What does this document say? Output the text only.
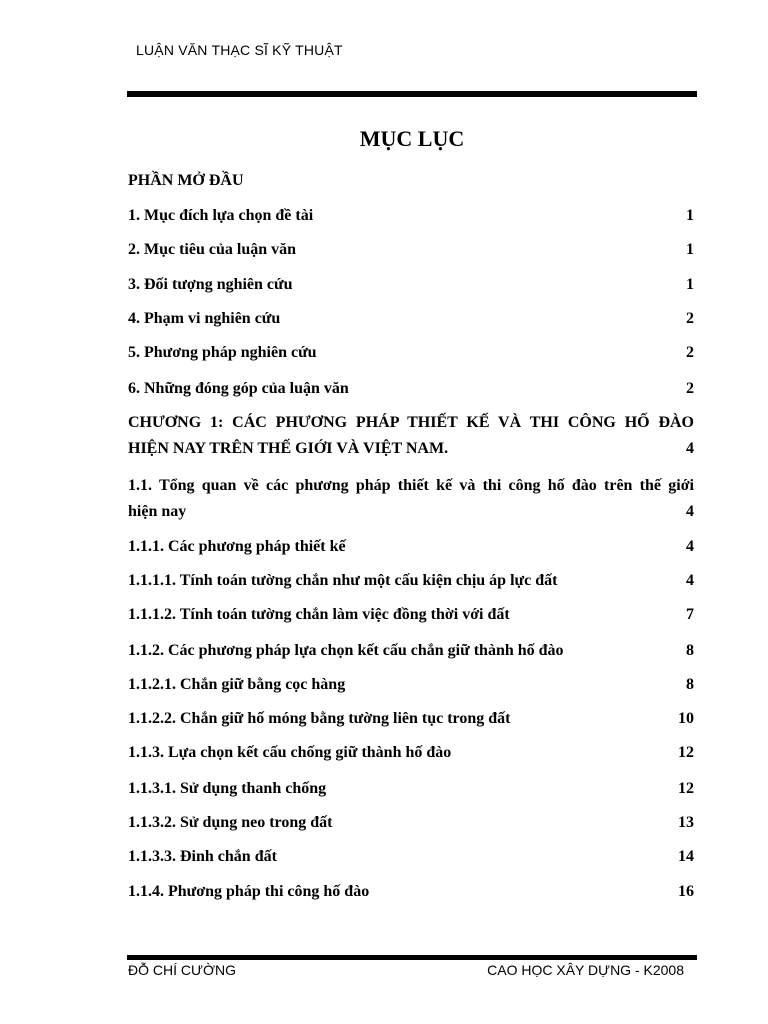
LUẬN VĂN THẠC SĨ KỸ THUẬT
MỤC LỤC
PHẦN MỞ ĐẦU
1. Mục đích lựa chọn đề tài	1
2. Mục tiêu của luận văn	1
3. Đối tượng nghiên cứu	1
4. Phạm vi nghiên cứu	2
5. Phương pháp nghiên cứu	2
6. Những đóng góp của luận văn	2
CHƯƠNG 1: CÁC PHƯƠNG PHÁP THIẾT KẾ VÀ THI CÔNG HỐ ĐÀO
HIỆN NAY TRÊN THẾ GIỚI VÀ VIỆT NAM.	4
1.1. Tổng quan về các phương pháp thiết kế và thi công hố đào trên thế giới
hiện nay	4
1.1.1. Các phương pháp thiết kế	4
1.1.1.1. Tính toán tường chắn như một cấu kiện chịu áp lực đất	4
1.1.1.2. Tính toán tường chắn làm việc đồng thời với đất	7
1.1.2. Các phương pháp lựa chọn kết cấu chắn giữ thành hố đào	8
1.1.2.1. Chắn giữ bằng cọc hàng	8
1.1.2.2. Chắn giữ hố móng bằng tường liên tục trong đất	10
1.1.3. Lựa chọn kết cấu chống giữ thành hố đào	12
1.1.3.1. Sử dụng thanh chống	12
1.1.3.2. Sử dụng neo trong đất	13
1.1.3.3. Đinh chắn đất	14
1.1.4. Phương pháp thi công hố đào	16
ĐỖ CHÍ CƯỜNG	CAO HỌC XÂY DỰNG - K2008
